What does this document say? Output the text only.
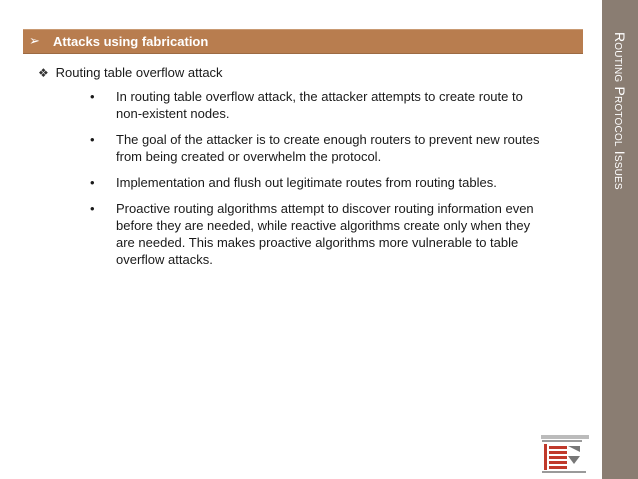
Routing Protocol Issues
➢ Attacks using fabrication
❖ Routing table overflow attack
• In routing table overflow attack, the attacker attempts to create route to non-existent nodes.
• The goal of the attacker is to create enough routers to prevent new routes from being created or overwhelm the protocol.
• Implementation and flush out legitimate routes from routing tables.
• Proactive routing algorithms attempt to discover routing information even before they are needed, while reactive algorithms create only when they are needed. This makes proactive algorithms more vulnerable to table overflow attacks.
